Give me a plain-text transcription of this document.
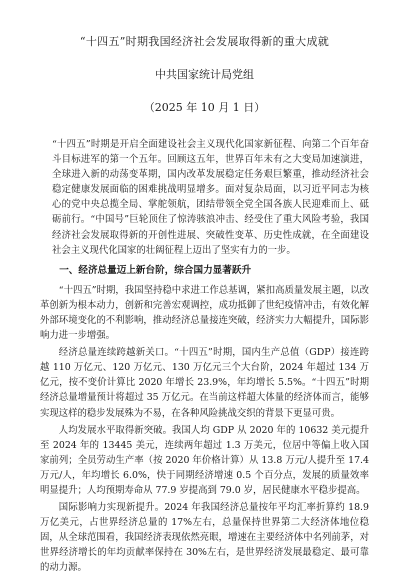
“十四五”时期我国经济社会发展取得新的重大成就

中共国家统计局党组

（2025 年 10 月 1 日）

“十四五”时期是开启全面建设社会主义现代化国家新征程、向第二个百年奋斗目标进军的第一个五年。回顾这五年，世界百年未有之大变局加速演进，全球进入新的动荡变革期，国内改革发展稳定任务艰巨繁重，推动经济社会稳定健康发展面临的困难挑战明显增多。面对复杂局面，以习近平同志为核心的党中央总揽全局、掌舵领航，团结带领全党全国各族人民迎难而上、砥砺前行。“中国号”巨轮顶住了惊涛骇浪冲击、经受住了重大风险考验，我国经济社会发展取得新的开创性进展、突破性变革、历史性成就，在全面建设社会主义现代化国家的壮阔征程上迈出了坚实有力的一步。

一、经济总量迈上新台阶，综合国力显著跃升

“十四五”时期，我国坚持稳中求进工作总基调，紧扣高质量发展主题，以改革创新为根本动力，创新和完善宏观调控，成功抵御了世纪疫情冲击，有效化解外部环境变化的不利影响，推动经济总量接连突破，经济实力大幅提升，国际影响力进一步增强。

经济总量连续跨越新关口。“十四五”时期，国内生产总值（GDP）接连跨越 110 万亿元、120 万亿元、130 万亿元三个大台阶，2024 年超过 134 万亿元，按不变价计算比 2020 年增长 23.9%，年均增长 5.5%。“十四五”时期经济总量增量预计将超过 35 万亿元。在当前这样超大体量的经济体而言，能够实现这样的稳步发展殊为不易，在各种风险挑战交织的背景下更显可贵。

人均发展水平取得新突破。我国人均 GDP 从 2020 年的 10632 美元提升至 2024 年的 13445 美元，连续两年超过 1.3 万美元，位居中等偏上收入国家前列；全员劳动生产率（按 2020 年价格计算）从 13.8 万元/人提升至 17.4 万元/人，年均增长 6.0%，快于同期经济增速 0.5 个百分点，发展的质量效率明显提升；人均预期寿命从 77.9 岁提高到 79.0 岁，居民健康水平稳步提高。

国际影响力实现新提升。2024 年我国经济总量按年平均汇率折算约 18.9 万亿美元，占世界经济总量的 17%左右，总量保持世界第二大经济体地位稳固，从全球范围看，我国经济表现依然亮眼，增速在主要经济体中名列前茅，对世界经济增长的年均贡献率保持在 30%左右，是世界经济发展最稳定、最可靠的动力源。
